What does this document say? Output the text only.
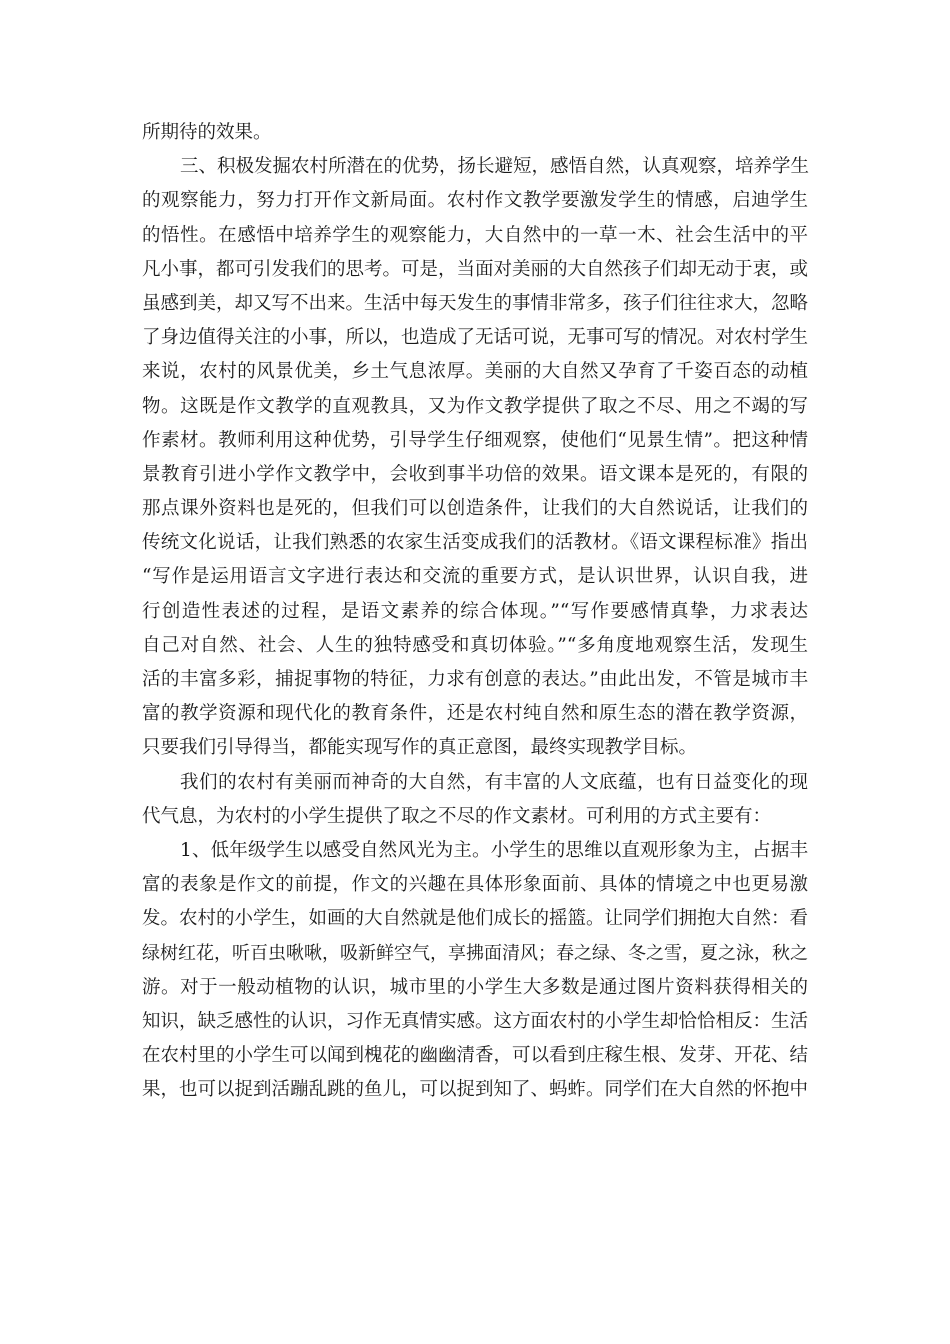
所期待的效果。
三、积极发掘农村所潜在的优势，扬长避短，感悟自然，认真观察，培养学生
的观察能力，努力打开作文新局面。农村作文教学要激发学生的情感，启迪学生
的悟性。在感悟中培养学生的观察能力，大自然中的一草一木、社会生活中的平
凡小事，都可引发我们的思考。可是，当面对美丽的大自然孩子们却无动于衷，或
虽感到美，却又写不出来。生活中每天发生的事情非常多，孩子们往往求大，忽略
了身边值得关注的小事，所以，也造成了无话可说，无事可写的情况。对农村学生
来说，农村的风景优美，乡土气息浓厚。美丽的大自然又孕育了千姿百态的动植
物。这既是作文教学的直观教具，又为作文教学提供了取之不尽、用之不竭的写
作素材。教师利用这种优势，引导学生仔细观察，使他们“见景生情”。把这种情
景教育引进小学作文教学中，会收到事半功倍的效果。语文课本是死的，有限的
那点课外资料也是死的，但我们可以创造条件，让我们的大自然说话，让我们的
传统文化说话，让我们熟悉的农家生活变成我们的活教材。《语文课程标准》指出
“写作是运用语言文字进行表达和交流的重要方式，是认识世界，认识自我，进
行创造性表述的过程，是语文素养的综合体现。”“写作要感情真挚，力求表达
自己对自然、社会、人生的独特感受和真切体验。”“多角度地观察生活，发现生
活的丰富多彩，捕捉事物的特征，力求有创意的表达。”由此出发，不管是城市丰
富的教学资源和现代化的教育条件，还是农村纯自然和原生态的潜在教学资源，
只要我们引导得当，都能实现写作的真正意图，最终实现教学目标。
我们的农村有美丽而神奇的大自然，有丰富的人文底蕴，也有日益变化的现
代气息，为农村的小学生提供了取之不尽的作文素材。可利用的方式主要有：
1、低年级学生以感受自然风光为主。小学生的思维以直观形象为主，占据丰
富的表象是作文的前提，作文的兴趣在具体形象面前、具体的情境之中也更易激
发。农村的小学生，如画的大自然就是他们成长的摇篮。让同学们拥抱大自然：看
绿树红花，听百虫啾啾，吸新鲜空气，享拂面清风；春之绿、冬之雪，夏之泳，秋之
游。对于一般动植物的认识，城市里的小学生大多数是通过图片资料获得相关的
知识，缺乏感性的认识，习作无真情实感。这方面农村的小学生却恰恰相反：生活
在农村里的小学生可以闻到槐花的幽幽清香，可以看到庄稼生根、发芽、开花、结
果，也可以捉到活蹦乱跳的鱼儿，可以捉到知了、蚂蚱。同学们在大自然的怀抱中
